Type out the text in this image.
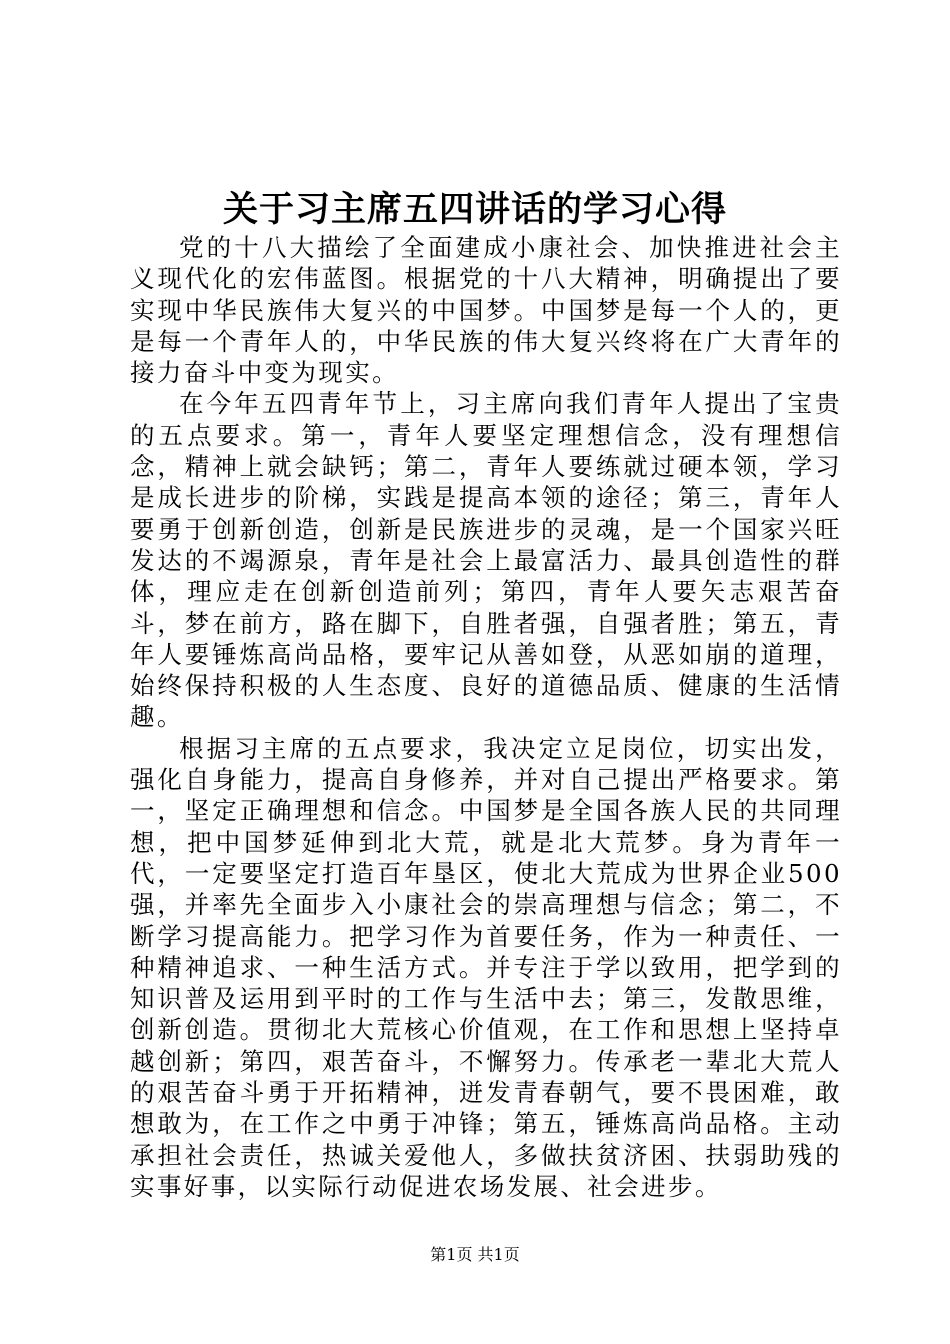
关于习主席五四讲话的学习心得

党的十八大描绘了全面建成小康社会、加快推进社会主义现代化的宏伟蓝图。根据党的十八大精神，明确提出了要实现中华民族伟大复兴的中国梦。中国梦是每一个人的，更是每一个青年人的，中华民族的伟大复兴终将在广大青年的接力奋斗中变为现实。

在今年五四青年节上，习主席向我们青年人提出了宝贵的五点要求。第一，青年人要坚定理想信念，没有理想信念，精神上就会缺钙；第二，青年人要练就过硬本领，学习是成长进步的阶梯，实践是提高本领的途径；第三，青年人要勇于创新创造，创新是民族进步的灵魂，是一个国家兴旺发达的不竭源泉，青年是社会上最富活力、最具创造性的群体，理应走在创新创造前列；第四，青年人要矢志艰苦奋斗，梦在前方，路在脚下，自胜者强，自强者胜；第五，青年人要锤炼高尚品格，要牢记从善如登，从恶如崩的道理，始终保持积极的人生态度、良好的道德品质、健康的生活情趣。

根据习主席的五点要求，我决定立足岗位，切实出发，强化自身能力，提高自身修养，并对自己提出严格要求。第一，坚定正确理想和信念。中国梦是全国各族人民的共同理想，把中国梦延伸到北大荒，就是北大荒梦。身为青年一代，一定要坚定打造百年垦区，使北大荒成为世界企业500强，并率先全面步入小康社会的崇高理想与信念；第二，不断学习提高能力。把学习作为首要任务，作为一种责任、一种精神追求、一种生活方式。并专注于学以致用，把学到的知识普及运用到平时的工作与生活中去；第三，发散思维，创新创造。贯彻北大荒核心价值观，在工作和思想上坚持卓越创新；第四，艰苦奋斗，不懈努力。传承老一辈北大荒人的艰苦奋斗勇于开拓精神，迸发青春朝气，要不畏困难，敢想敢为，在工作之中勇于冲锋；第五，锤炼高尚品格。主动承担社会责任，热诚关爱他人，多做扶贫济困、扶弱助残的实事好事，以实际行动促进农场发展、社会进步。

第1页 共1页
